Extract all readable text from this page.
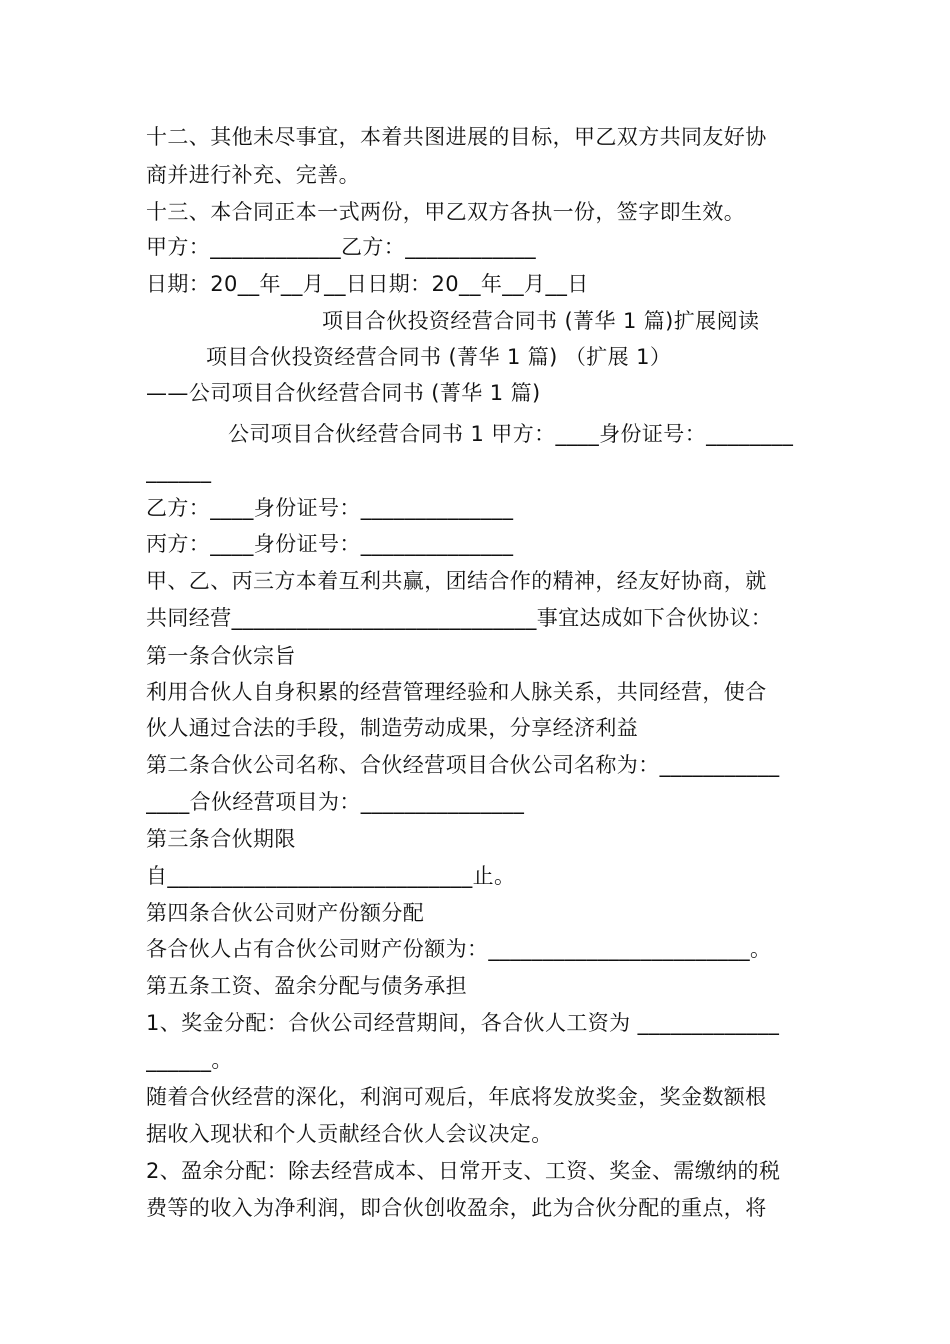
十二、其他未尽事宜，本着共图进展的目标，甲乙双方共同友好协
商并进行补充、完善。
十三、本合同正本一式两份，甲乙双方各执一份，签字即生效。
甲方：____________乙方：____________
日期：20__年__月__日日期：20__年__月__日
项目合伙投资经营合同书 (菁华 1 篇)扩展阅读
项目合伙投资经营合同书 (菁华 1 篇) （扩展 1）
——公司项目合伙经营合同书 (菁华 1 篇)
公司项目合伙经营合同书 1 甲方：____身份证号：________
______
乙方：____身份证号：______________
丙方：____身份证号：______________
甲、乙、丙三方本着互利共赢，团结合作的精神，经友好协商，就
共同经营____________________________事宜达成如下合伙协议：
第一条合伙宗旨
利用合伙人自身积累的经营管理经验和人脉关系，共同经营，使合
伙人通过合法的手段，制造劳动成果，分享经济利益
第二条合伙公司名称、合伙经营项目合伙公司名称为：___________
____合伙经营项目为：_______________
第三条合伙期限
自____________________________止。
第四条合伙公司财产份额分配
各合伙人占有合伙公司财产份额为：________________________。
第五条工资、盈余分配与债务承担
1、奖金分配：合伙公司经营期间，各合伙人工资为 _____________
______。
随着合伙经营的深化，利润可观后，年底将发放奖金，奖金数额根
据收入现状和个人贡献经合伙人会议决定。
2、盈余分配：除去经营成本、日常开支、工资、奖金、需缴纳的税
费等的收入为净利润，即合伙创收盈余，此为合伙分配的重点，将
